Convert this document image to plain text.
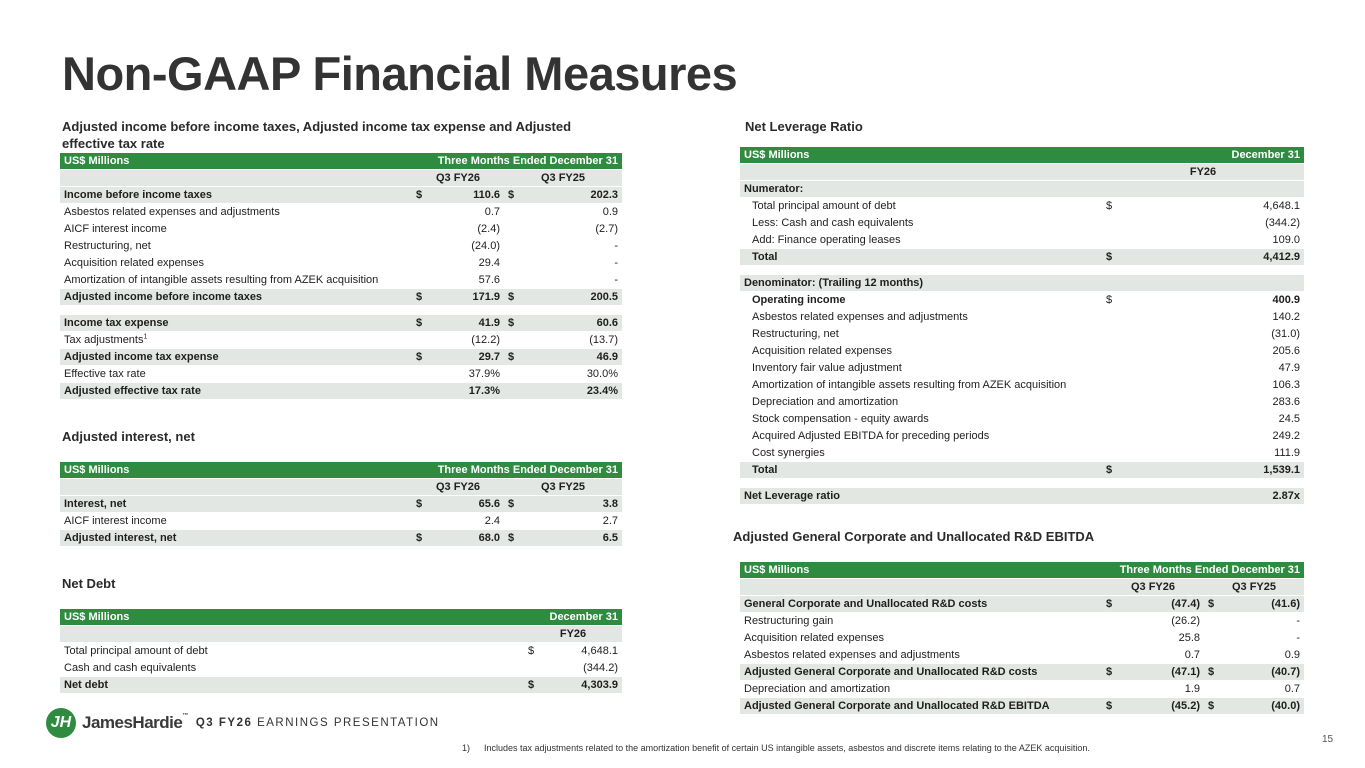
Non-GAAP Financial Measures
Adjusted income before income taxes, Adjusted income tax expense and Adjusted effective tax rate
US$ Millions	Three Months Ended December 31			
	Q3 FY26		Q3 FY25	
Income before income taxes	$	110.6	$	202.3
Asbestos related expenses and adjustments		0.7		0.9
AICF interest income		(2.4)		(2.7)
Restructuring, net		(24.0)		-
Acquisition related expenses		29.4		-
Amortization of intangible assets resulting from AZEK acquisition		57.6		-
Adjusted income before income taxes	$	171.9	$	200.5

Income tax expense	$	41.9	$	60.6
Tax adjustments$^1$		(12.2)		(13.7)
Adjusted income tax expense	$	29.7	$	46.9
Effective tax rate		37.9%		30.0%
Adjusted effective tax rate		17.3%		23.4%
Adjusted interest, net
US$ Millions	Three Months Ended December 31			
	Q3 FY26		Q3 FY25	
Interest, net	$	65.6	$	3.8
AICF interest income		2.4		2.7
Adjusted interest, net	$	68.0	$	6.5
Net Debt
US$ Millions	December 31	
	FY26	
Total principal amount of debt	$	4,648.1
Cash and cash equivalents		(344.2)
Net debt	$	4,303.9
Net Leverage Ratio
US$ Millions	December 31	
	FY26	
Numerator:		
Total principal amount of debt	$	4,648.1
Less: Cash and cash equivalents		(344.2)
Add: Finance operating leases		109.0
Total	$	4,412.9

Denominator: (Trailing 12 months)		
Operating income	$	400.9
Asbestos related expenses and adjustments		140.2
Restructuring, net		(31.0)
Acquisition related expenses		205.6
Inventory fair value adjustment		47.9
Amortization of intangible assets resulting from AZEK acquisition		106.3
Depreciation and amortization		283.6
Stock compensation - equity awards		24.5
Acquired Adjusted EBITDA for preceding periods		249.2
Cost synergies		111.9
Total	$	1,539.1

Net Leverage ratio		2.87x
Adjusted General Corporate and Unallocated R&D EBITDA
US$ Millions	Three Months Ended December 31			
	Q3 FY26		Q3 FY25	
General Corporate and Unallocated R&D costs	$	(47.4)	$	(41.6)
Restructuring gain		(26.2)		-
Acquisition related expenses		25.8		-
Asbestos related expenses and adjustments		0.7		0.9
Adjusted General Corporate and Unallocated R&D costs	$	(47.1)	$	(40.7)
Depreciation and amortization		1.9		0.7
Adjusted General Corporate and Unallocated R&D EBITDA	$	(45.2)	$	(40.0)
JH JamesHardie™
Q3 FY26 EARNINGS PRESENTATION
15
1) Includes tax adjustments related to the amortization benefit of certain US intangible assets, asbestos and discrete items relating to the AZEK acquisition.
